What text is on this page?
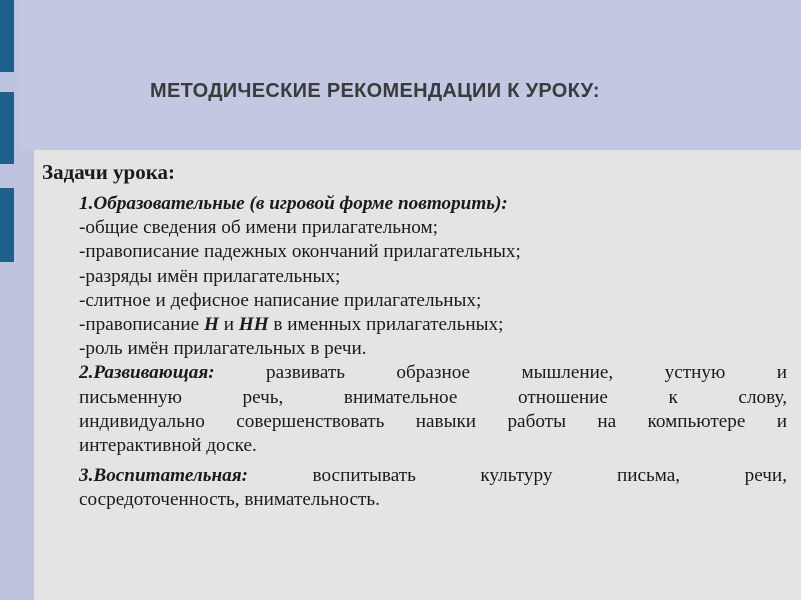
МЕТОДИЧЕСКИЕ РЕКОМЕНДАЦИИ К УРОКУ:
Задачи урока:
1.Образовательные (в игровой форме повторить):
-общие сведения об имени прилагательном;
-правописание падежных окончаний прилагательных;
-разряды имён прилагательных;
-слитное и дефисное написание прилагательных;
-правописание Н и НН в именных прилагательных;
-роль имён прилагательных в речи.
2.Развивающая: развивать образное мышление, устную и
письменную речь, внимательное отношение к слову,
индивидуально совершенствовать навыки работы на компьютере и
интерактивной доске.
3.Воспитательная: воспитывать культуру письма, речи,
сосредоточенность, внимательность.
